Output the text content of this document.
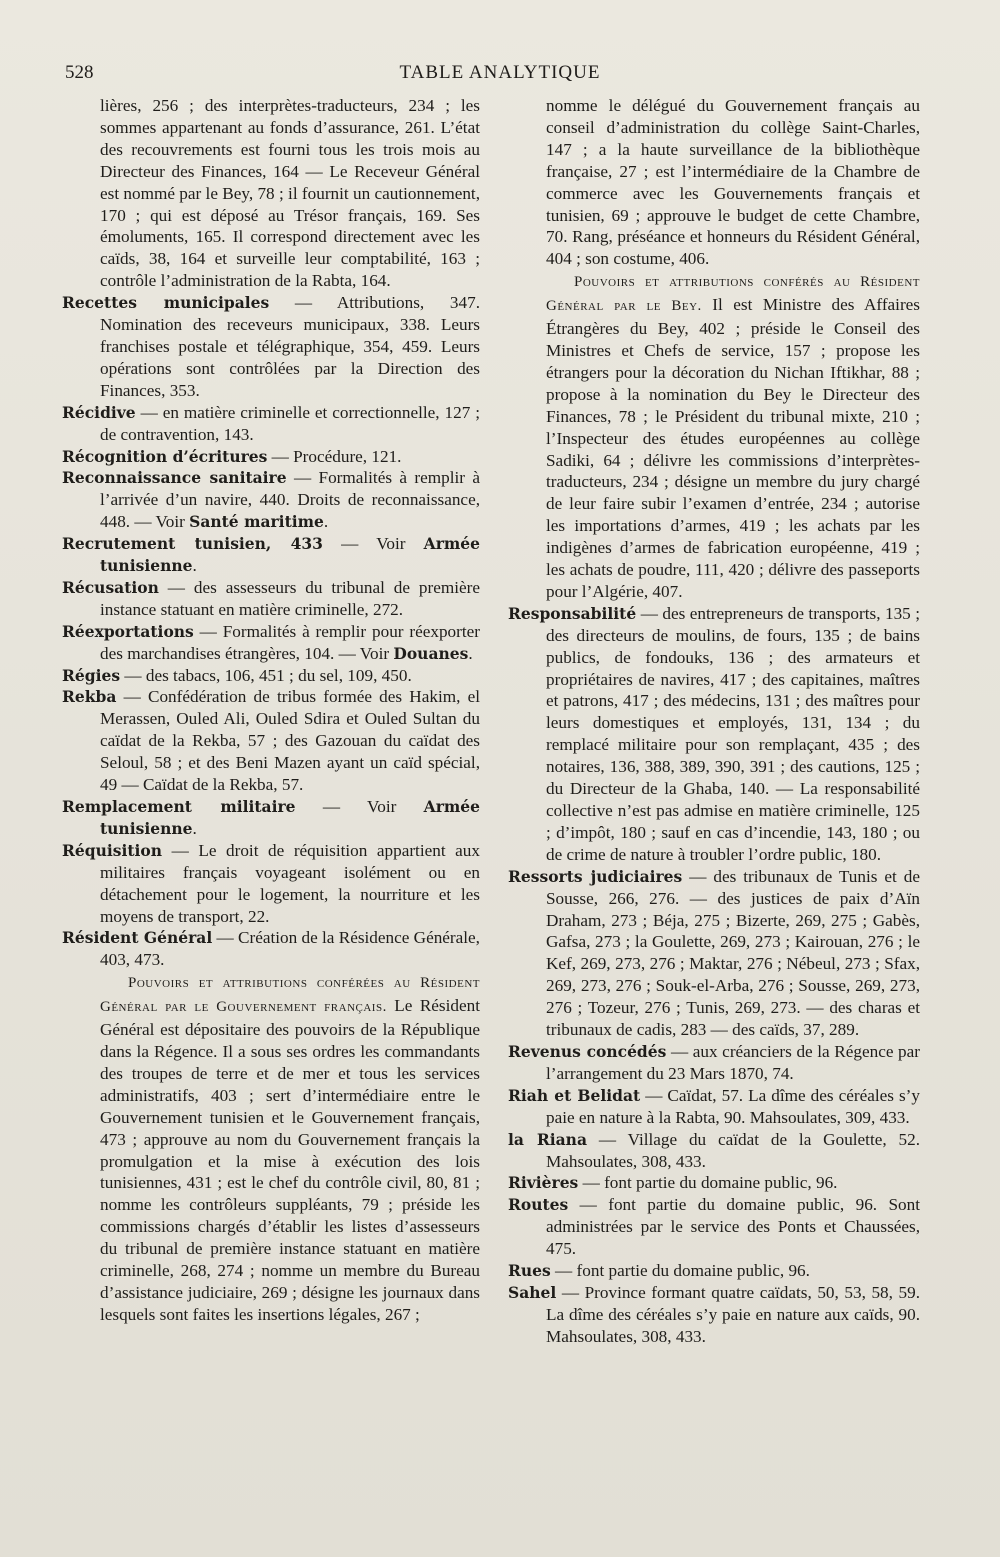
528	TABLE ANALYTIQUE

lières, 256 ; des interprètes-traducteurs, 234 ; les sommes appartenant au fonds d’assurance, 261. L’état des recouvrements est fourni tous les trois mois au Directeur des Finances, 164 — Le Receveur Général est nommé par le Bey, 78 ; il fournit un cautionnement, 170 ; qui est déposé au Trésor français, 169. Ses émoluments, 165. Il correspond directement avec les caïds, 38, 164 et surveille leur comptabilité, 163 ; contrôle l’administration de la Rabta, 164.

Recettes municipales — Attributions, 347. Nomination des receveurs municipaux, 338. Leurs franchises postale et télégraphique, 354, 459. Leurs opérations sont contrôlées par la Direction des Finances, 353.

Récidive — en matière criminelle et correctionnelle, 127 ; de contravention, 143.

Récognition d’écritures — Procédure, 121.

Reconnaissance sanitaire — Formalités à remplir à l’arrivée d’un navire, 440. Droits de reconnaissance, 448. — Voir Santé maritime.

Recrutement tunisien, 433 — Voir Armée tunisienne.

Récusation — des assesseurs du tribunal de première instance statuant en matière criminelle, 272.

Réexportations — Formalités à remplir pour réexporter des marchandises étrangères, 104. — Voir Douanes.

Régies — des tabacs, 106, 451 ; du sel, 109, 450.

Rekba — Confédération de tribus formée des Hakim, el Merassen, Ouled Ali, Ouled Sdira et Ouled Sultan du caïdat de la Rekba, 57 ; des Gazouan du caïdat des Seloul, 58 ; et des Beni Mazen ayant un caïd spécial, 49 — Caïdat de la Rekba, 57.

Remplacement militaire — Voir Armée tunisienne.

Réquisition — Le droit de réquisition appartient aux militaires français voyageant isolément ou en détachement pour le logement, la nourriture et les moyens de transport, 22.

Résident Général — Création de la Résidence Générale, 403, 473.

Pouvoirs et attributions conférées au Résident Général par le Gouvernement français. Le Résident Général est dépositaire des pouvoirs de la République dans la Régence. Il a sous ses ordres les commandants des troupes de terre et de mer et tous les services administratifs, 403 ; sert d’intermédiaire entre le Gouvernement tunisien et le Gouvernement français, 473 ; approuve au nom du Gouvernement français la promulgation et la mise à exécution des lois tunisiennes, 431 ; est le chef du contrôle civil, 80, 81 ; nomme les contrôleurs suppléants, 79 ; préside les commissions chargés d’établir les listes d’assesseurs du tribunal de première instance statuant en matière criminelle, 268, 274 ; nomme un membre du Bureau d’assistance judiciaire, 269 ; désigne les journaux dans lesquels sont faites les insertions légales, 267 ;

nomme le délégué du Gouvernement français au conseil d’administration du collège Saint-Charles, 147 ; a la haute surveillance de la bibliothèque française, 27 ; est l’intermédiaire de la Chambre de commerce avec les Gouvernements français et tunisien, 69 ; approuve le budget de cette Chambre, 70. Rang, préséance et honneurs du Résident Général, 404 ; son costume, 406.

Pouvoirs et attributions conférés au Résident Général par le Bey. Il est Ministre des Affaires Étrangères du Bey, 402 ; préside le Conseil des Ministres et Chefs de service, 157 ; propose les étrangers pour la décoration du Nichan Iftikhar, 88 ; propose à la nomination du Bey le Directeur des Finances, 78 ; le Président du tribunal mixte, 210 ; l’Inspecteur des études européennes au collège Sadiki, 64 ; délivre les commissions d’interprètes-traducteurs, 234 ; désigne un membre du jury chargé de leur faire subir l’examen d’entrée, 234 ; autorise les importations d’armes, 419 ; les achats par les indigènes d’armes de fabrication européenne, 419 ; les achats de poudre, 111, 420 ; délivre des passeports pour l’Algérie, 407.

Responsabilité — des entrepreneurs de transports, 135 ; des directeurs de moulins, de fours, 135 ; de bains publics, de fondouks, 136 ; des armateurs et propriétaires de navires, 417 ; des capitaines, maîtres et patrons, 417 ; des médecins, 131 ; des maîtres pour leurs domestiques et employés, 131, 134 ; du remplacé militaire pour son remplaçant, 435 ; des notaires, 136, 388, 389, 390, 391 ; des cautions, 125 ; du Directeur de la Ghaba, 140. — La responsabilité collective n’est pas admise en matière criminelle, 125 ; d’impôt, 180 ; sauf en cas d’incendie, 143, 180 ; ou de crime de nature à troubler l’ordre public, 180.

Ressorts judiciaires — des tribunaux de Tunis et de Sousse, 266, 276. — des justices de paix d’Aïn Draham, 273 ; Béja, 275 ; Bizerte, 269, 275 ; Gabès, Gafsa, 273 ; la Goulette, 269, 273 ; Kairouan, 276 ; le Kef, 269, 273, 276 ; Maktar, 276 ; Nébeul, 273 ; Sfax, 269, 273, 276 ; Souk-el-Arba, 276 ; Sousse, 269, 273, 276 ; Tozeur, 276 ; Tunis, 269, 273. — des charas et tribunaux de cadis, 283 — des caïds, 37, 289.

Revenus concédés — aux créanciers de la Régence par l’arrangement du 23 Mars 1870, 74.

Riah et Belidat — Caïdat, 57. La dîme des céréales s’y paie en nature à la Rabta, 90. Mahsoulates, 309, 433.

la Riana — Village du caïdat de la Goulette, 52. Mahsoulates, 308, 433.

Rivières — font partie du domaine public, 96.

Routes — font partie du domaine public, 96. Sont administrées par le service des Ponts et Chaussées, 475.

Rues — font partie du domaine public, 96.

Sahel — Province formant quatre caïdats, 50, 53, 58, 59. La dîme des céréales s’y paie en nature aux caïds, 90. Mahsoulates, 308, 433.
